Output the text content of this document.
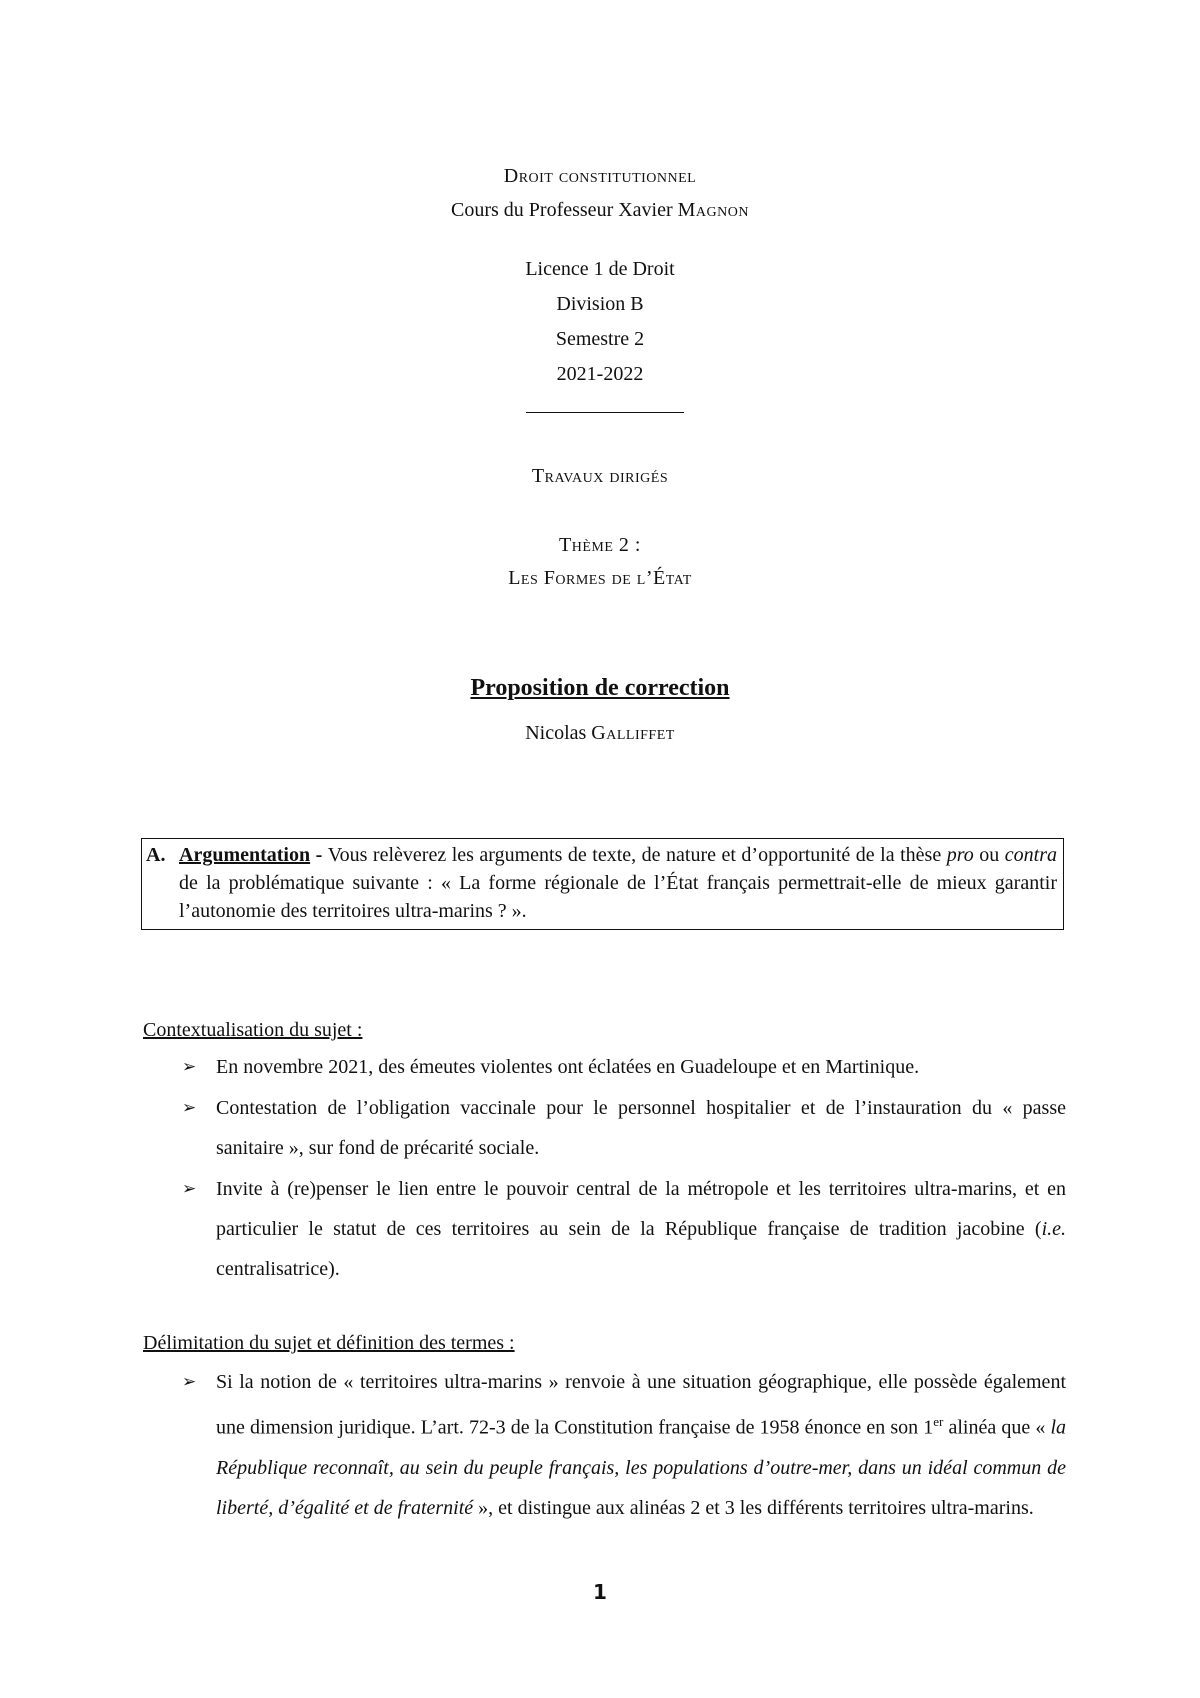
Droit constitutionnel
Cours du Professeur Xavier Magnon
Licence 1 de Droit
Division B
Semestre 2
2021-2022
Travaux dirigés
Thème 2 :
Les Formes de l’État
Proposition de correction
Nicolas Galliffet
A. Argumentation - Vous relèverez les arguments de texte, de nature et d’opportunité de la thèse pro ou contra de la problématique suivante : « La forme régionale de l’État français permettrait-elle de mieux garantir l’autonomie des territoires ultra-marins ? ».
Contextualisation du sujet :
➢ En novembre 2021, des émeutes violentes ont éclatées en Guadeloupe et en Martinique.
➢ Contestation de l’obligation vaccinale pour le personnel hospitalier et de l’instauration du « passe sanitaire », sur fond de précarité sociale.
➢ Invite à (re)penser le lien entre le pouvoir central de la métropole et les territoires ultra-marins, et en particulier le statut de ces territoires au sein de la République française de tradition jacobine (i.e. centralisatrice).
Délimitation du sujet et définition des termes :
➢ Si la notion de « territoires ultra-marins » renvoie à une situation géographique, elle possède également une dimension juridique. L’art. 72-3 de la Constitution française de 1958 énonce en son 1er alinéa que « la République reconnaît, au sein du peuple français, les populations d’outre-mer, dans un idéal commun de liberté, d’égalité et de fraternité », et distingue aux alinéas 2 et 3 les différents territoires ultra-marins.
1
